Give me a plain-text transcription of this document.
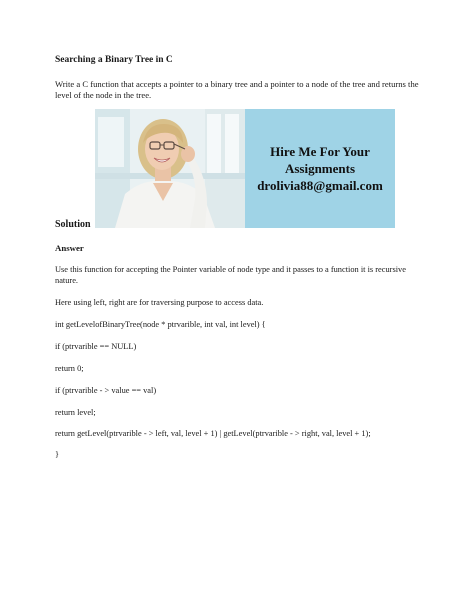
Searching a Binary Tree in C
Write a C function that accepts a pointer to a binary tree and a pointer to a node of the tree and returns the level of the node in the tree.
Hire Me For Your
Assignments
drolivia88@gmail.com
Solution
Answer
Use this function for accepting the Pointer variable of node type and it passes to a function it is recursive nature.
Here using left, right are for traversing purpose to access data.
int getLevelofBinaryTree(node * ptrvarible, int val, int level) {
if (ptrvarible == NULL)
return 0;
if (ptrvarible - > value == val)
return level;
return getLevel(ptrvarible - > left, val, level + 1) | getLevel(ptrvarible - > right, val, level + 1);
}
